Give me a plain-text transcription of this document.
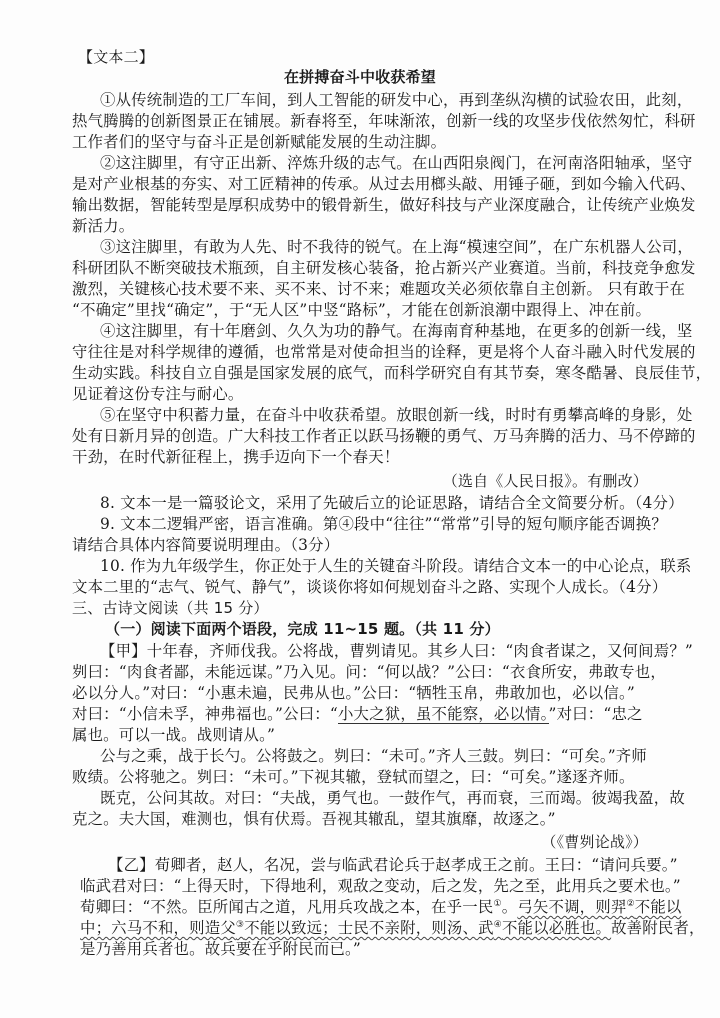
【文本二】
在拼搏奋斗中收获希望
①从传统制造的工厂车间，到人工智能的研发中心，再到垄纵沟横的试验农田，此刻，
热气腾腾的创新图景正在铺展。新春将至，年味渐浓，创新一线的攻坚步伐依然匆忙，科研
工作者们的坚守与奋斗正是创新赋能发展的生动注脚。
②这注脚里，有守正出新、淬炼升级的志气。在山西阳泉阀门，在河南洛阳轴承，坚守
是对产业根基的夯实、对工匠精神的传承。从过去用榔头敲、用锤子砸，到如今输入代码、
输出数据，智能转型是厚积成势中的锻骨新生，做好科技与产业深度融合，让传统产业焕发
新活力。
③这注脚里，有敢为人先、时不我待的锐气。在上海“模速空间”，在广东机器人公司，
科研团队不断突破技术瓶颈，自主研发核心装备，抢占新兴产业赛道。当前，科技竞争愈发
激烈，关键核心技术要不来、买不来、讨不来；难题攻关必须依靠自主创新。 只有敢于在
“不确定”里找“确定”，于“无人区”中竖“路标”，才能在创新浪潮中跟得上、冲在前。
④这注脚里，有十年磨剑、久久为功的静气。在海南育种基地，在更多的创新一线，坚
守往往是对科学规律的遵循，也常常是对使命担当的诠释，更是将个人奋斗融入时代发展的
生动实践。科技自立自强是国家发展的底气，而科学研究自有其节奏，寒冬酷暑、良辰佳节，
见证着这份专注与耐心。
⑤在坚守中积蓄力量，在奋斗中收获希望。放眼创新一线，时时有勇攀高峰的身影，处
处有日新月异的创造。广大科技工作者正以跃马扬鞭的勇气、万马奔腾的活力、马不停蹄的
干劲，在时代新征程上，携手迈向下一个春天！
（选自《人民日报》。有删改）
8. 文本一是一篇驳论文，采用了先破后立的论证思路，请结合全文简要分析。（4分）
9. 文本二逻辑严密，语言准确。第④段中“往往”“常常”引导的短句顺序能否调换？
请结合具体内容简要说明理由。（3分）
10. 作为九年级学生，你正处于人生的关键奋斗阶段。请结合文本一的中心论点，联系
文本二里的“志气、锐气、静气”，谈谈你将如何规划奋斗之路、实现个人成长。（4分）
三、古诗文阅读（共 15 分）
（一）阅读下面两个语段，完成 11~15 题。（共 11 分）
【甲】十年春，齐师伐我。公将战，曹刿请见。其乡人曰：“肉食者谋之，又何间焉？”
刿曰：“肉食者鄙，未能远谋。”乃入见。问：“何以战？”公曰：“衣食所安，弗敢专也，
必以分人。”对曰：“小惠未遍，民弗从也。”公曰：“牺牲玉帛，弗敢加也，必以信。”
对曰：“小信未孚，神弗福也。”公曰：“小大之狱，虽不能察，必以情。”对曰：“忠之
属也。可以一战。战则请从。”
公与之乘，战于长勺。公将鼓之。刿曰：“未可。”齐人三鼓。刿曰：“可矣。”齐师
败绩。公将驰之。刿曰：“未可。”下视其辙，登轼而望之，曰：“可矣。”遂逐齐师。
既克，公问其故。对曰：“夫战，勇气也。一鼓作气，再而衰，三而竭。彼竭我盈，故
克之。夫大国，难测也，惧有伏焉。吾视其辙乱，望其旗靡，故逐之。”
（《曹刿论战》）
【乙】荀卿者，赵人，名况，尝与临武君论兵于赵孝成王之前。王曰：“请问兵要。”
临武君对曰：“上得天时，下得地利，观敌之变动，后之发，先之至，此用兵之要术也。”
荀卿曰：“不然。臣所闻古之道，凡用兵攻战之本，在乎一民①。弓矢不调，则羿②不能以
中；六马不和，则造父③不能以致远；士民不亲附，则汤、武④不能以必胜也。故善附民者，
是乃善用兵者也。故兵要在乎附民而已。”
